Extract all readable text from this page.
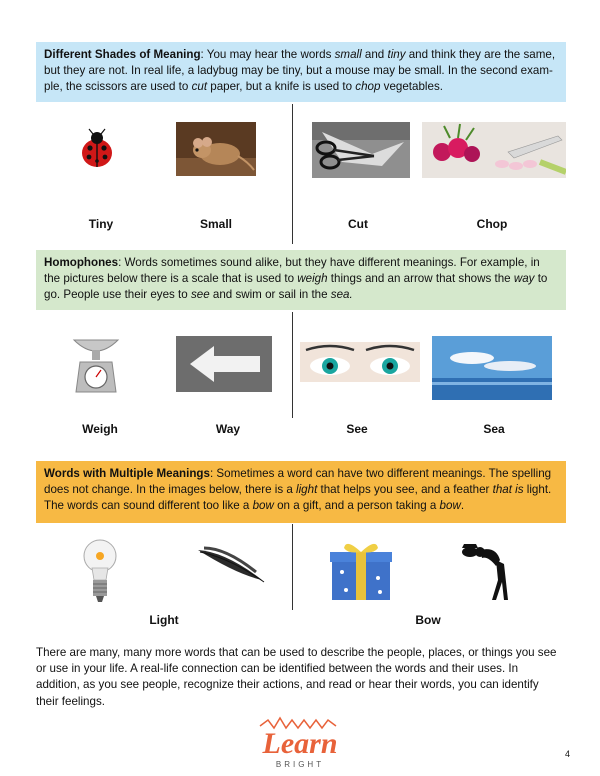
Different Shades of Meaning: You may hear the words small and tiny and think they are the same, but they are not. In real life, a ladybug may be tiny, but a mouse may be small. In the second exam-ple, the scissors are used to cut paper, but a knife is used to chop vegetables.
Tiny	Small	Cut	Chop
Homophones: Words sometimes sound alike, but they have different meanings. For example, in the pictures below there is a scale that is used to weigh things and an arrow that shows the way to go. People use their eyes to see and swim or sail in the sea.
Weigh	Way	See	Sea
Words with Multiple Meanings: Sometimes a word can have two different meanings. The spelling does not change. In the images below, there is a light that helps you see, and a feather that is light. The words can sound different too like a bow on a gift, and a person taking a bow.
Light	Bow
There are many, many more words that can be used to describe the people, places, or things you see or use in your life. A real-life connection can be identified between the words and their uses. In addition, as you see people, recognize their actions, and read or hear their words, you can identify their feelings.
Learn
BRIGHT
4
